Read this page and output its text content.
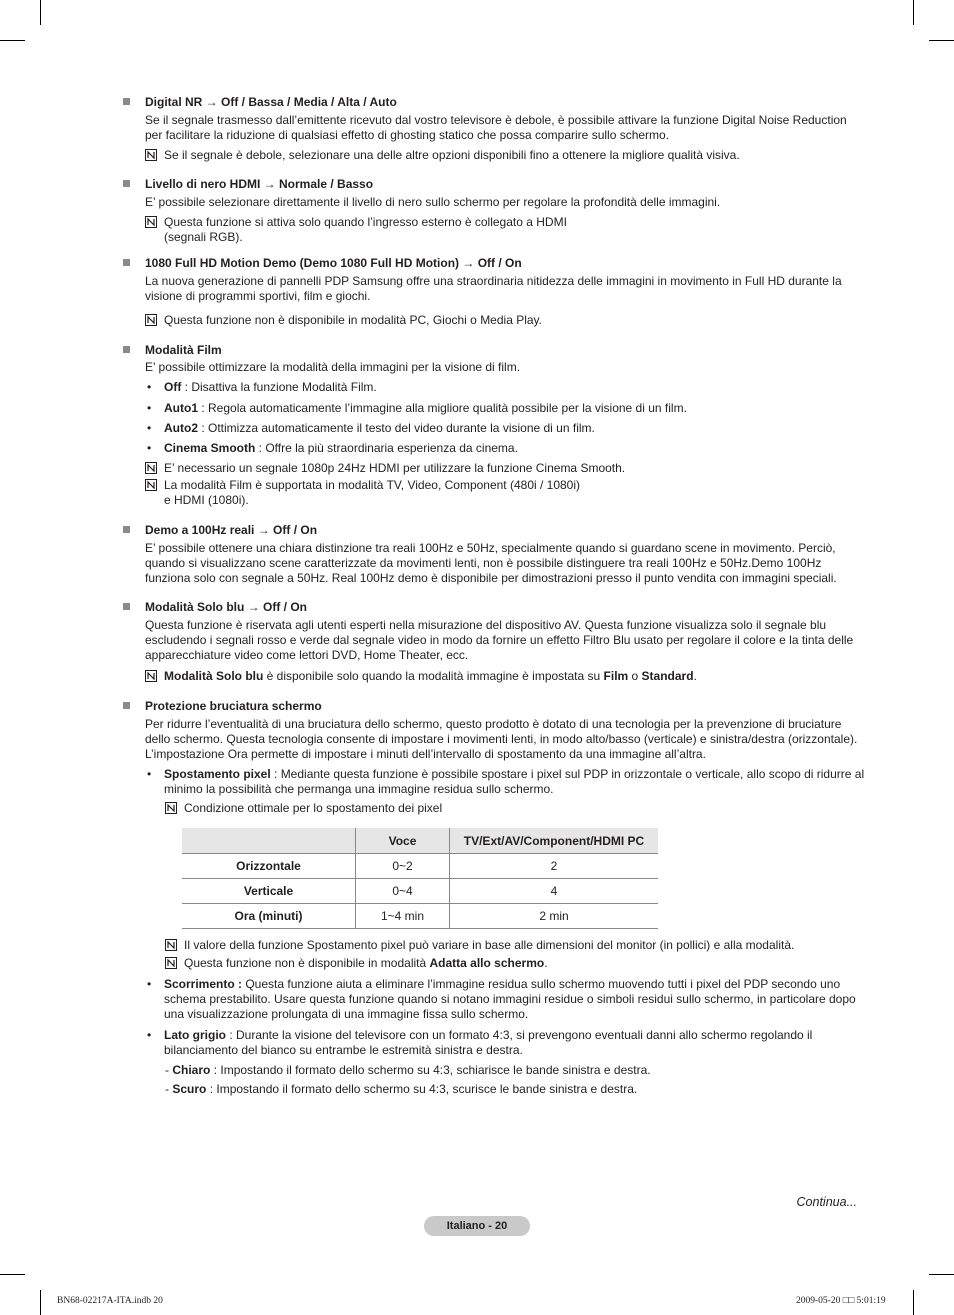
Digital NR → Off / Bassa / Media / Alta / Auto
Se il segnale trasmesso dall’emittente ricevuto dal vostro televisore è debole, è possibile attivare la funzione Digital Noise Reduction per facilitare la riduzione di qualsiasi effetto di ghosting statico che possa comparire sullo schermo.
Se il segnale è debole, selezionare una delle altre opzioni disponibili fino a ottenere la migliore qualità visiva.
Livello di nero HDMI → Normale / Basso
E’ possibile selezionare direttamente il livello di nero sullo schermo per regolare la profondità delle immagini.
Questa funzione si attiva solo quando l’ingresso esterno è collegato a HDMI
(segnali RGB).
1080 Full HD Motion Demo (Demo 1080 Full HD Motion) → Off / On
La nuova generazione di pannelli PDP Samsung offre una straordinaria nitidezza delle immagini in movimento in Full HD durante la visione di programmi sportivi, film e giochi.
Questa funzione non è disponibile in modalità PC, Giochi o Media Play.
Modalità Film
E’ possibile ottimizzare la modalità della immagini per la visione di film.
• Off : Disattiva la funzione Modalità Film.
• Auto1 : Regola automaticamente l’immagine alla migliore qualità possibile per la visione di un film.
• Auto2 : Ottimizza automaticamente il testo del video durante la visione di un film.
• Cinema Smooth : Offre la più straordinaria esperienza da cinema.
E’ necessario un segnale 1080p 24Hz HDMI per utilizzare la funzione Cinema Smooth.
La modalità Film è supportata in modalità TV, Video, Component (480i / 1080i)
e HDMI (1080i).
Demo a 100Hz reali → Off / On
E’ possibile ottenere una chiara distinzione tra reali 100Hz e 50Hz, specialmente quando si guardano scene in movimento. Perciò, quando si visualizzano scene caratterizzate da movimenti lenti, non è possibile distinguere tra reali 100Hz e 50Hz.Demo 100Hz funziona solo con segnale a 50Hz. Real 100Hz demo è disponibile per dimostrazioni presso il punto vendita con immagini speciali.
Modalità Solo blu → Off / On
Questa funzione è riservata agli utenti esperti nella misurazione del dispositivo AV. Questa funzione visualizza solo il segnale blu escludendo i segnali rosso e verde dal segnale video in modo da fornire un effetto Filtro Blu usato per regolare il colore e la tinta delle apparecchiature video come lettori DVD, Home Theater, ecc.
Modalità Solo blu è disponibile solo quando la modalità immagine è impostata su Film o Standard.
Protezione bruciatura schermo
Per ridurre l’eventualità di una bruciatura dello schermo, questo prodotto è dotato di una tecnologia per la prevenzione di bruciature dello schermo. Questa tecnologia consente di impostare i movimenti lenti, in modo alto/basso (verticale) e sinistra/destra (orizzontale).
L’impostazione Ora permette di impostare i minuti dell’intervallo di spostamento da una immagine all’altra.
• Spostamento pixel : Mediante questa funzione è possibile spostare i pixel sul PDP in orizzontale o verticale, allo scopo di ridurre al minimo la possibilità che permanga una immagine residua sullo schermo.
Condizione ottimale per lo spostamento dei pixel
	Voce	TV/Ext/AV/Component/HDMI PC
Orizzontale	0~2	2
Verticale	0~4	4
Ora (minuti)	1~4 min	2 min
Il valore della funzione Spostamento pixel può variare in base alle dimensioni del monitor (in pollici) e alla modalità.
Questa funzione non è disponibile in modalità Adatta allo schermo.
• Scorrimento : Questa funzione aiuta a eliminare l’immagine residua sullo schermo muovendo tutti i pixel del PDP secondo uno schema prestabilito. Usare questa funzione quando si notano immagini residue o simboli residui sullo schermo, in particolare dopo una visualizzazione prolungata di una immagine fissa sullo schermo.
• Lato grigio : Durante la visione del televisore con un formato 4:3, si prevengono eventuali danni allo schermo regolando il bilanciamento del bianco su entrambe le estremità sinistra e destra.
- Chiaro : Impostando il formato dello schermo su 4:3, schiarisce le bande sinistra e destra.
- Scuro : Impostando il formato dello schermo su 4:3, scurisce le bande sinistra e destra.
Continua...
Italiano - 20
BN68-02217A-ITA.indb 20	2009-05-20 □□ 5:01:19
